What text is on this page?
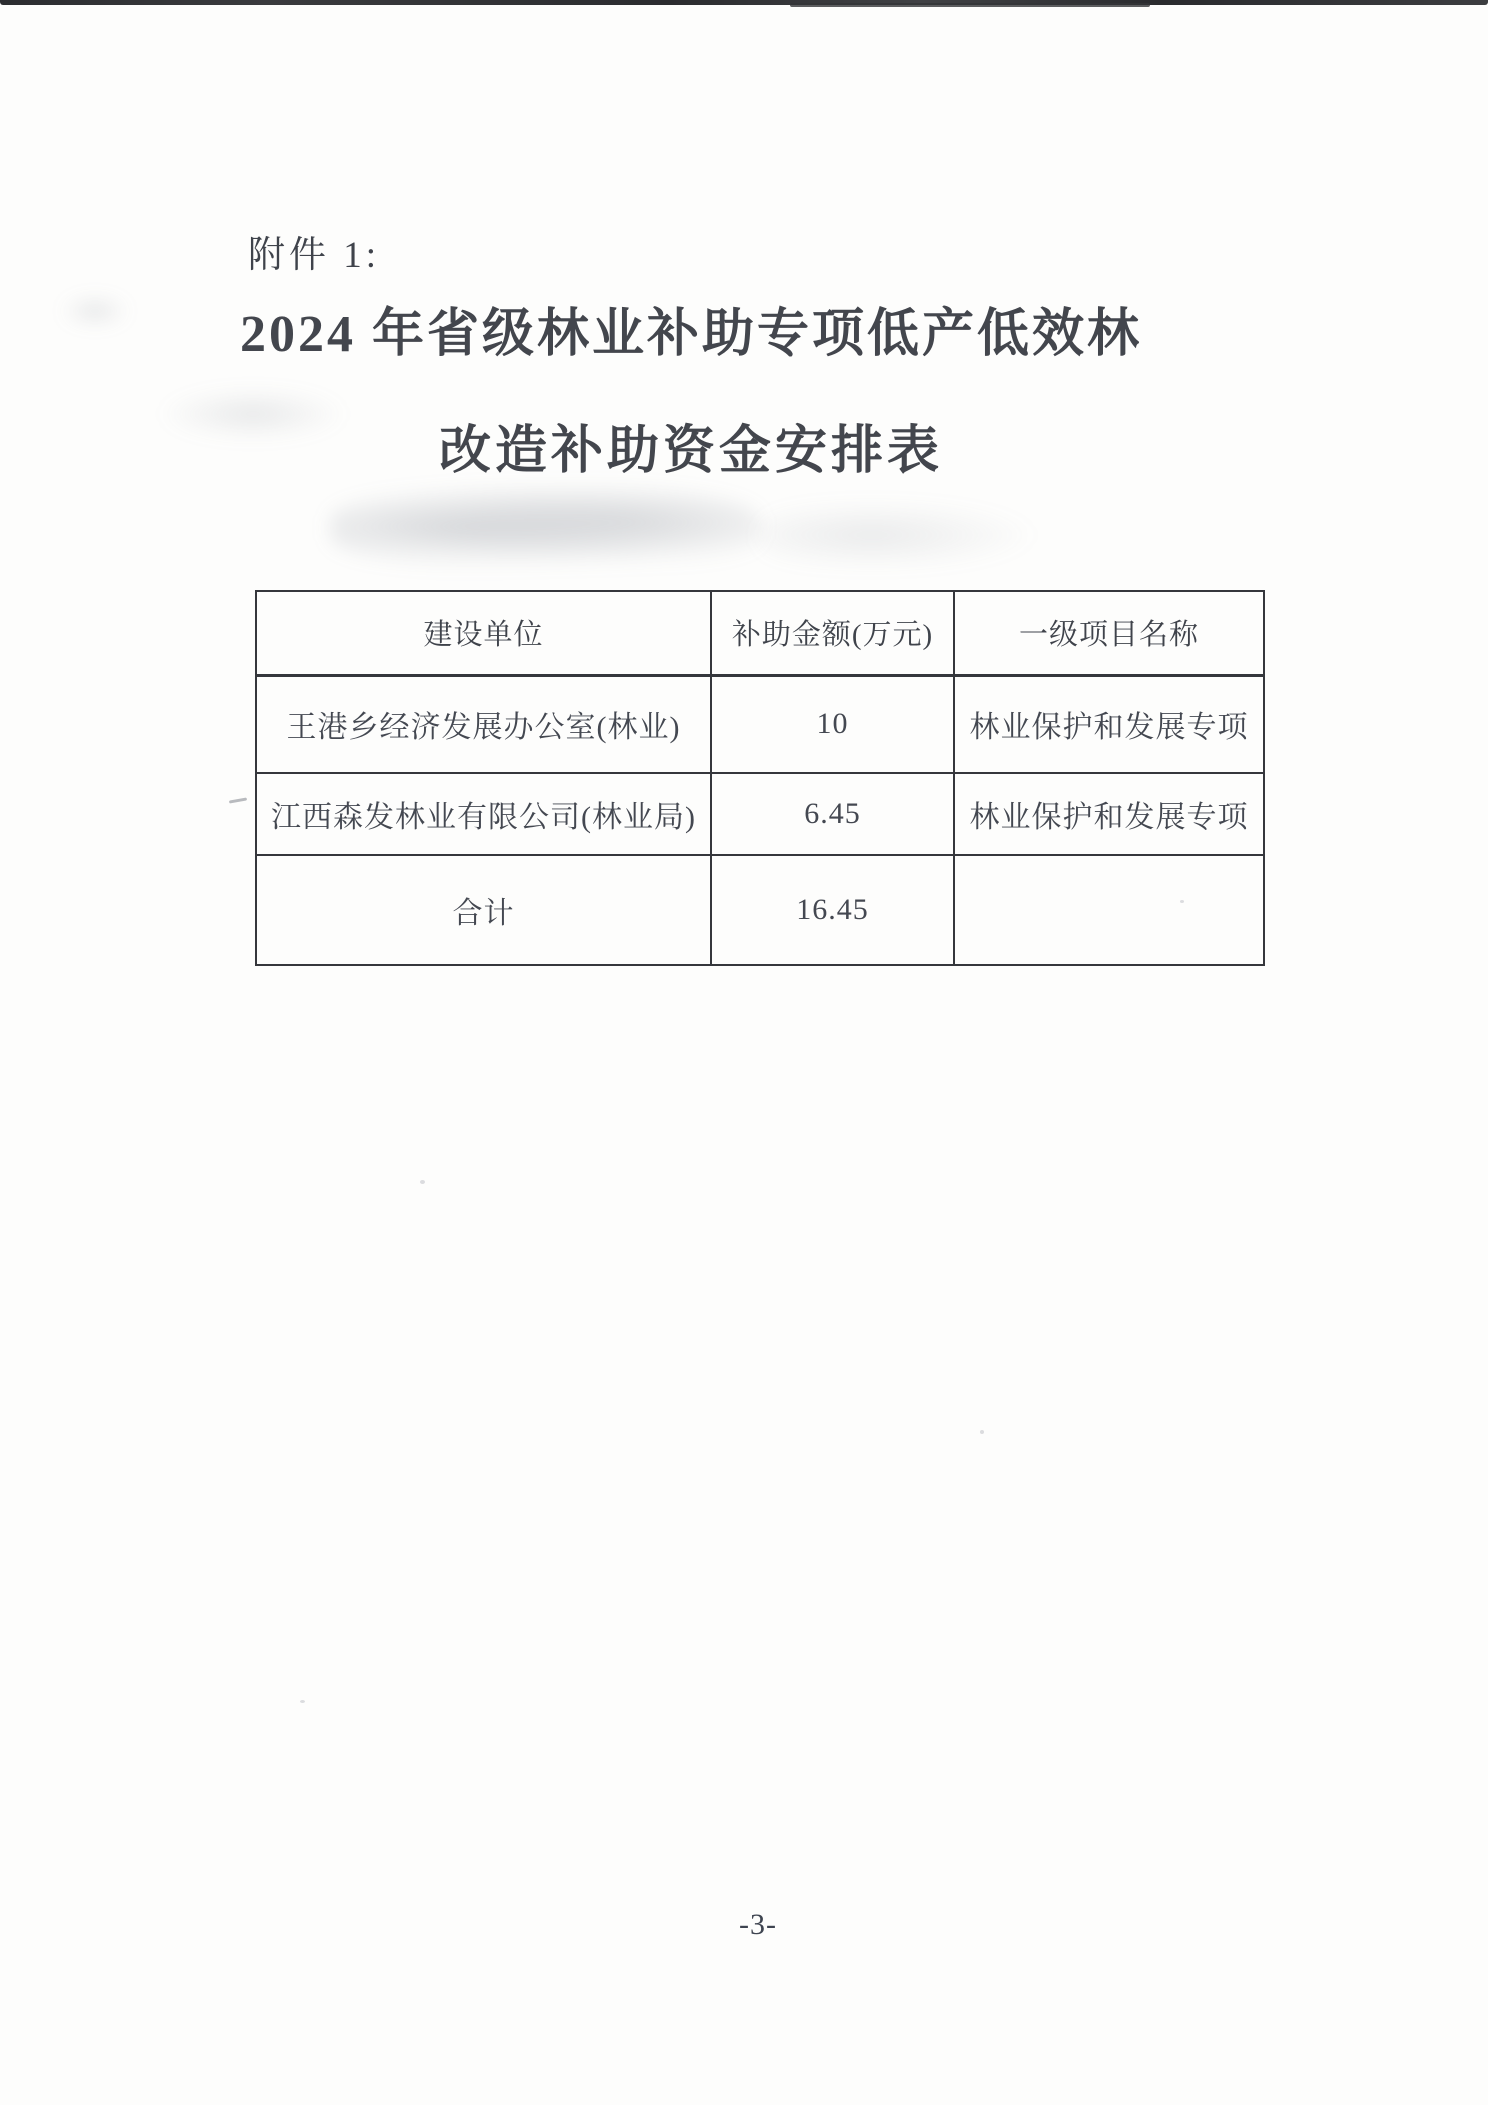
附件 1:
2024 年省级林业补助专项低产低效林
改造补助资金安排表
建设单位	补助金额(万元)	一级项目名称
王港乡经济发展办公室(林业)	10	林业保护和发展专项
江西森发林业有限公司(林业局)	6.45	林业保护和发展专项
合计	16.45	
-3-
